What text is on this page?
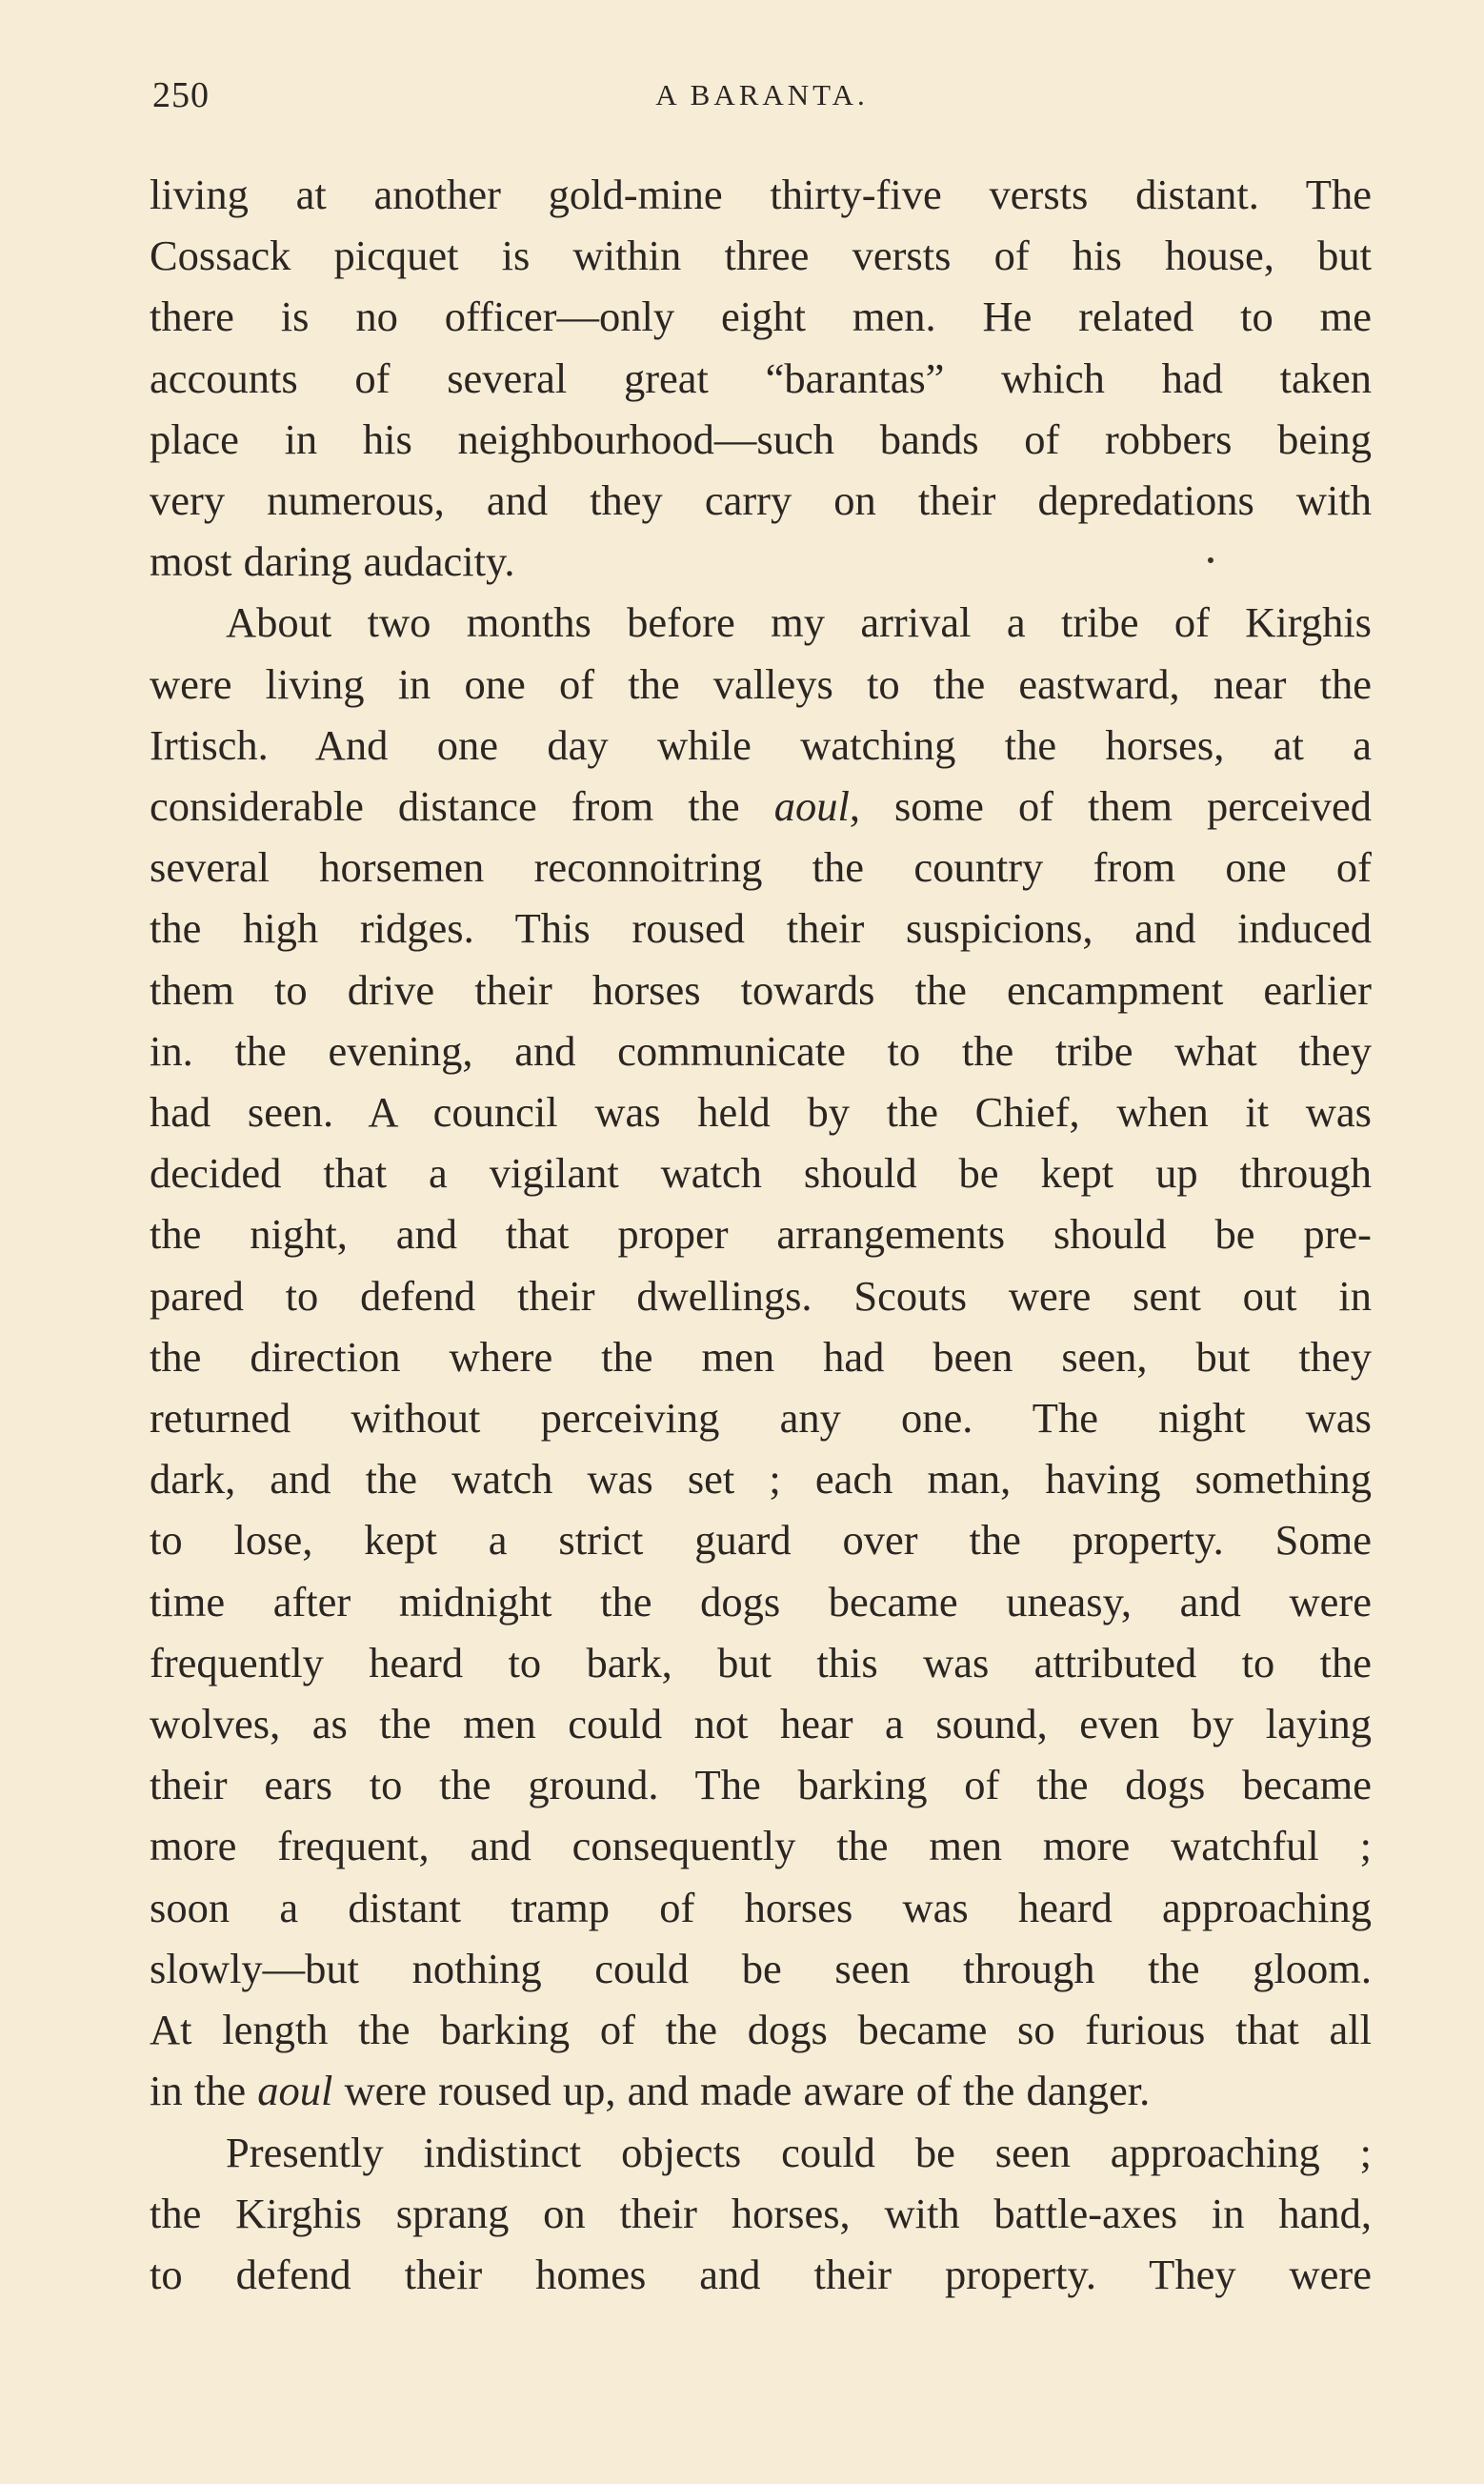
250	A BARANTA.

living at another gold-mine thirty-five versts distant. The

Cossack picquet is within three versts of his house, but

there is no officer—only eight men. He related to me

accounts of several great “barantas” which had taken

place in his neighbourhood—such bands of robbers being

very numerous, and they carry on their depredations with

most daring audacity.

About two months before my arrival a tribe of Kirghis

were living in one of the valleys to the eastward, near the

Irtisch. And one day while watching the horses, at a

considerable distance from the aoul, some of them perceived

several horsemen reconnoitring the country from one of

the high ridges. This roused their suspicions, and induced

them to drive their horses towards the encampment earlier

in. the evening, and communicate to the tribe what they

had seen. A council was held by the Chief, when it was

decided that a vigilant watch should be kept up through

the night, and that proper arrangements should be pre-

pared to defend their dwellings. Scouts were sent out in

the direction where the men had been seen, but they

returned without perceiving any one. The night was

dark, and the watch was set ; each man, having something

to lose, kept a strict guard over the property. Some

time after midnight the dogs became uneasy, and were

frequently heard to bark, but this was attributed to the

wolves, as the men could not hear a sound, even by laying

their ears to the ground. The barking of the dogs became

more frequent, and consequently the men more watchful ;

soon a distant tramp of horses was heard approaching

slowly—but nothing could be seen through the gloom.

At length the barking of the dogs became so furious that all

in the aoul were roused up, and made aware of the danger.

Presently indistinct objects could be seen approaching ;

the Kirghis sprang on their horses, with battle-axes in hand,

to defend their homes and their property. They were
